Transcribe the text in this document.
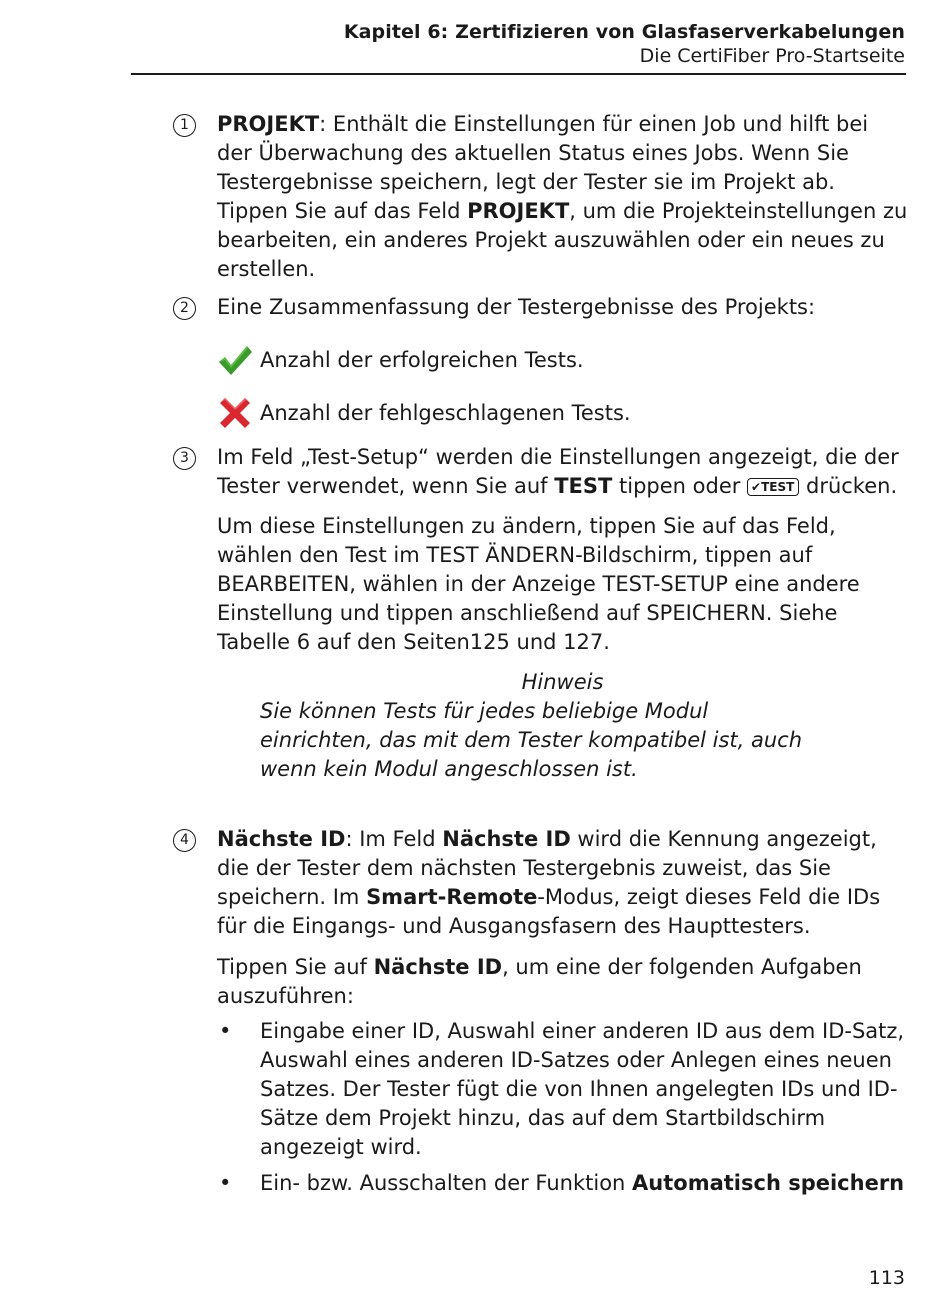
Kapitel 6: Zertifizieren von Glasfaserverkabelungen
Die CertiFiber Pro-Startseite
1	PROJEKT: Enthält die Einstellungen für einen Job und hilft bei der Überwachung des aktuellen Status eines Jobs. Wenn Sie Testergebnisse speichern, legt der Tester sie im Projekt ab. Tippen Sie auf das Feld PROJEKT, um die Projekteinstellungen zu bearbeiten, ein anderes Projekt auszuwählen oder ein neues zu erstellen.

2	Eine Zusammenfassung der Testergebnisse des Projekts:

Anzahl der erfolgreichen Tests.
Anzahl der fehlgeschlagenen Tests.
3	Im Feld „Test-Setup“ werden die Einstellungen angezeigt, die der Tester verwendet, wenn Sie auf TEST tippen oder ✔TEST drücken.

Um diese Einstellungen zu ändern, tippen Sie auf das Feld, wählen den Test im TEST ÄNDERN-Bildschirm, tippen auf BEARBEITEN, wählen in der Anzeige TEST-SETUP eine andere Einstellung und tippen anschließend auf SPEICHERN. Siehe Tabelle 6 auf den Seiten125 und 127.

Hinweis

Sie können Tests für jedes beliebige Modul einrichten, das mit dem Tester kompatibel ist, auch wenn kein Modul angeschlossen ist.

4	Nächste ID: Im Feld Nächste ID wird die Kennung angezeigt, die der Tester dem nächsten Testergebnis zuweist, das Sie speichern. Im Smart-Remote-Modus, zeigt dieses Feld die IDs für die Eingangs- und Ausgangsfasern des Haupttesters.

Tippen Sie auf Nächste ID, um eine der folgenden Aufgaben auszuführen:

• Eingabe einer ID, Auswahl einer anderen ID aus dem ID-Satz, Auswahl eines anderen ID-Satzes oder Anlegen eines neuen Satzes. Der Tester fügt die von Ihnen angelegten IDs und ID-Sätze dem Projekt hinzu, das auf dem Startbildschirm angezeigt wird.
• Ein- bzw. Ausschalten der Funktion Automatisch speichern
113
